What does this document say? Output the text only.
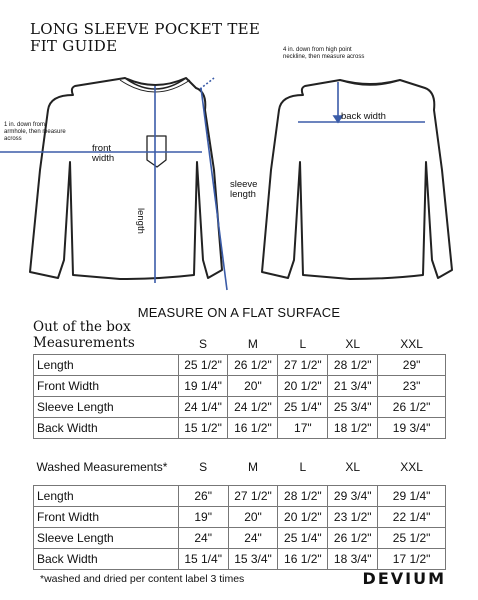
LONG SLEEVE POCKET TEE
FIT GUIDE
1 in. down from armhole, then measure across
front width
length
sleeve length
4 in. down from high point neckline, then measure across
back width
MEASURE ON A FLAT SURFACE
Out of the box
Measurements
		S	M	L	XL	XXL
Length	25 1/2"	26 1/2"	27 1/2"	28 1/2"	29"
Front Width	19 1/4"	20"	20 1/2"	21 3/4"	23"
Sleeve Length	24 1/4"	24 1/2"	25 1/4"	25 3/4"	26 1/2"
Back Width	15 1/2"	16 1/2"	17"	18 1/2"	19 3/4"
Washed Measurements*	S	M	L	XL	XXL

Length	26"	27 1/2"	28 1/2"	29 3/4"	29 1/4"
Front Width	19"	20"	20 1/2"	23 1/2"	22 1/4"
Sleeve Length	24"	24"	25 1/4"	26 1/2"	25 1/2"
Back Width	15 1/4"	15 3/4"	16 1/2"	18 3/4"	17 1/2"
*washed and dried per content label 3 times	DEVIUM
